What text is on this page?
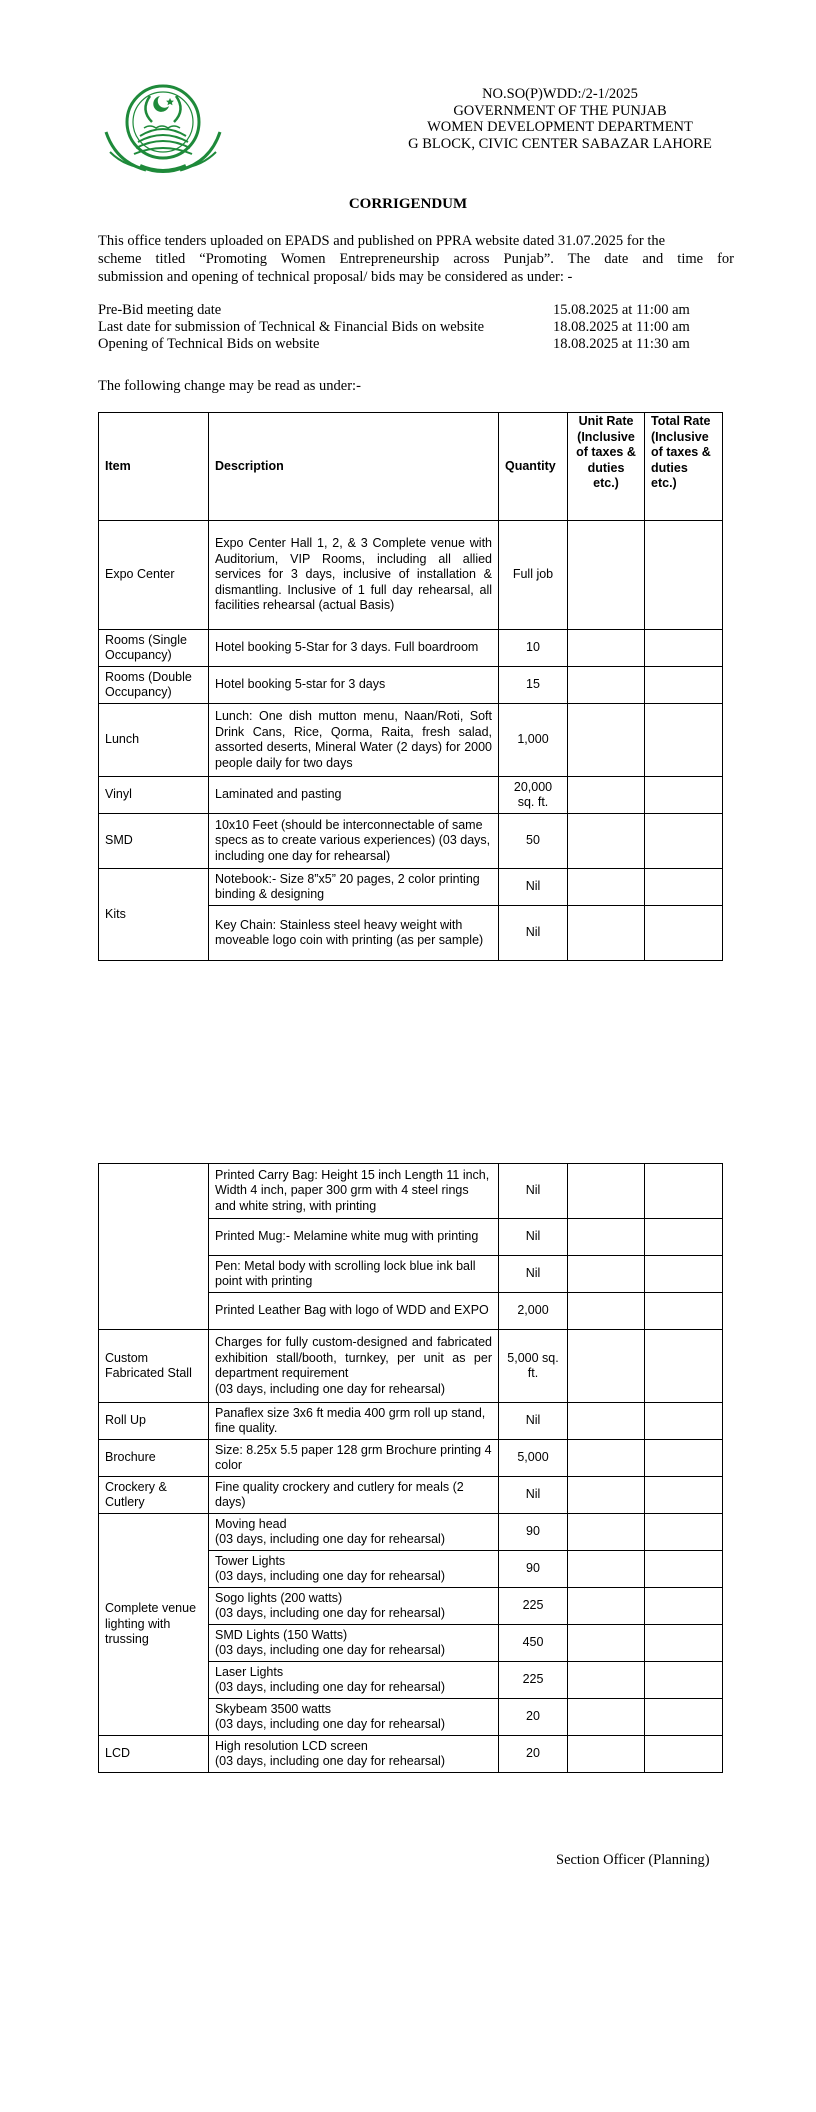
NO.SO(P)WDD:/2-1/2025
GOVERNMENT OF THE PUNJAB
WOMEN DEVELOPMENT DEPARTMENT
G BLOCK, CIVIC CENTER SABAZAR LAHORE
CORRIGENDUM
This office tenders uploaded on EPADS and published on PPRA website dated 31.07.2025 for the
scheme titled “Promoting Women Entrepreneurship across Punjab”. The date and time for
submission and opening of technical proposal/ bids may be considered as under: -
Pre-Bid meeting date	15.08.2025 at 11:00 am
Last date for submission of Technical & Financial Bids on website	18.08.2025 at 11:00 am
Opening of Technical Bids on website	18.08.2025 at 11:30 am
The following change may be read as under:-
Item	Description	Quantity	Unit Rate (Inclusive of taxes & duties etc.)	Total Rate (Inclusive of taxes & duties etc.)
Expo Center	Expo Center Hall 1, 2, & 3 Complete venue with Auditorium, VIP Rooms, including all allied services for 3 days, inclusive of installation & dismantling. Inclusive of 1 full day rehearsal, all facilities rehearsal (actual Basis)	Full job		
Rooms (Single Occupancy)	Hotel booking 5-Star for 3 days. Full boardroom	10		
Rooms (Double Occupancy)	Hotel booking 5-star for 3 days	15		
Lunch	Lunch: One dish mutton menu, Naan/Roti, Soft Drink Cans, Rice, Qorma, Raita, fresh salad, assorted deserts, Mineral Water (2 days) for 2000 people daily for two days	1,000		
Vinyl	Laminated and pasting	20,000 sq. ft.		
SMD	10x10 Feet (should be interconnectable of same specs as to create various experiences) (03 days, including one day for rehearsal)	50		
Kits	Notebook:- Size 8”x5” 20 pages, 2 color printing binding & designing	Nil		
	Key Chain: Stainless steel heavy weight with moveable logo coin with printing (as per sample)	Nil		
	Printed Carry Bag: Height 15 inch Length 11 inch, Width 4 inch, paper 300 grm with 4 steel rings and white string, with printing	Nil		
	Printed Mug:- Melamine white mug with printing	Nil		
	Pen: Metal body with scrolling lock blue ink ball point with printing	Nil		
	Printed Leather Bag with logo of WDD and EXPO	2,000		
Custom Fabricated Stall	Charges for fully custom-designed and fabricated exhibition stall/booth, turnkey, per unit as per department requirement
(03 days, including one day for rehearsal)	5,000 sq. ft.		
Roll Up	Panaflex size 3x6 ft media 400 grm roll up stand, fine quality.	Nil		
Brochure	Size: 8.25x 5.5 paper 128 grm Brochure printing 4 color	5,000		
Crockery & Cutlery	Fine quality crockery and cutlery for meals (2 days)	Nil		
Complete venue lighting with trussing	Moving head
(03 days, including one day for rehearsal)	90		

	Tower Lights
(03 days, including one day for rehearsal)	90		

	Sogo lights (200 watts)
(03 days, including one day for rehearsal)	225		

	SMD Lights (150 Watts)
(03 days, including one day for rehearsal)	450		

	Laser Lights
(03 days, including one day for rehearsal)	225		

	Skybeam 3500 watts
(03 days, including one day for rehearsal)	20		
LCD	High resolution LCD screen
(03 days, including one day for rehearsal)	20		
Section Officer (Planning)
